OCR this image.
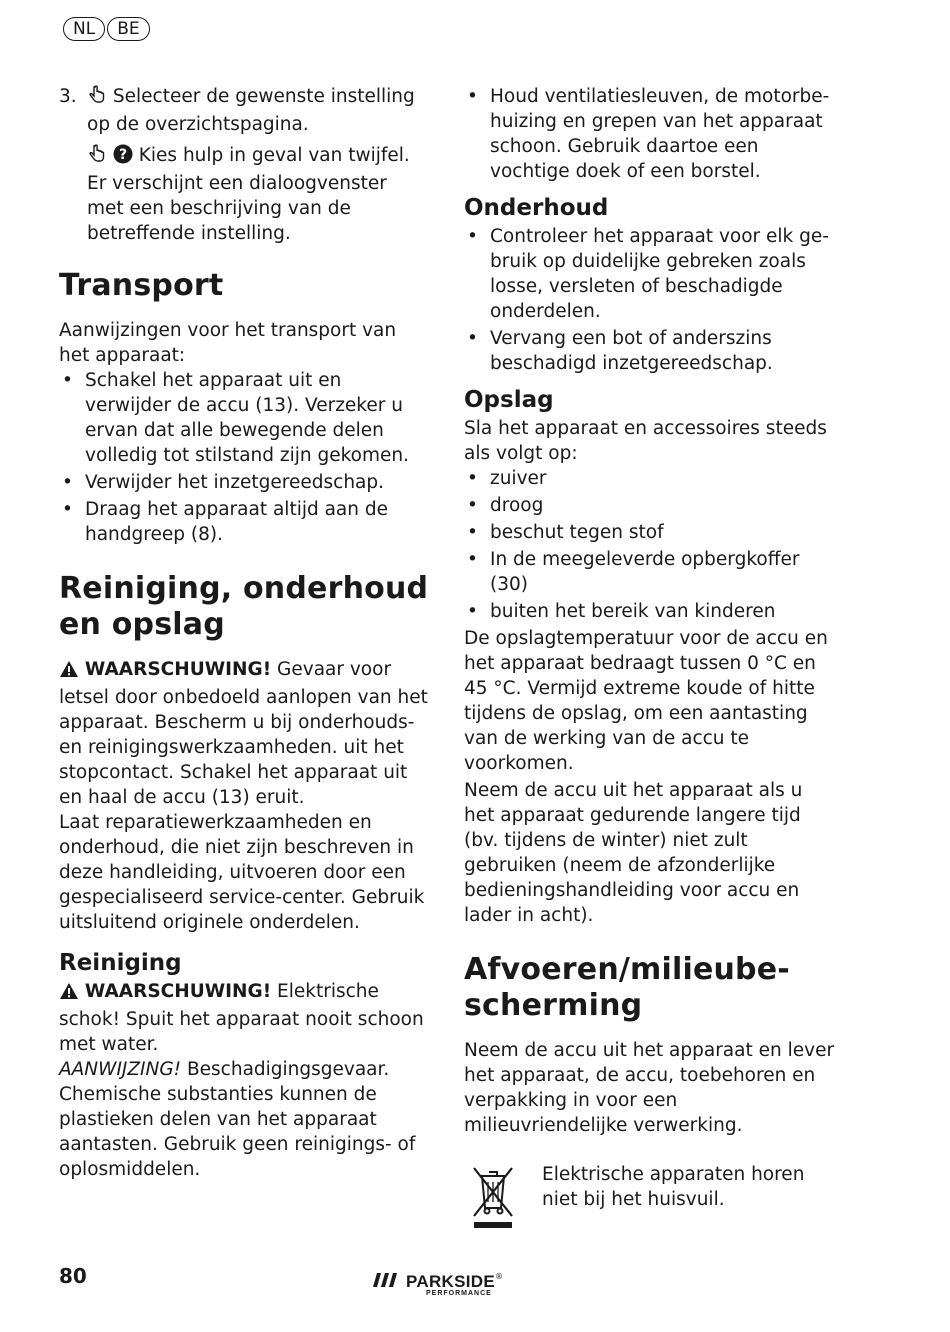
NL	BE
3.	Selecteer de gewenste instelling op de overzichtspagina.

? Kies hulp in geval van twijfel.

Er verschijnt een dialoogvenster met een beschrijving van de betreffende instelling.

Transport

Aanwijzingen voor het transport van het apparaat:

• Schakel het apparaat uit en verwijder de accu (13). Verzeker u ervan dat alle bewegende delen volledig tot stilstand zijn gekomen.
• Verwijder het inzetgereedschap.
• Draag het apparaat altijd aan de handgreep (8).
Reiniging, onderhoud en opslag

WAARSCHUWING! Gevaar voor letsel door onbedoeld aanlopen van het apparaat. Bescherm u bij onderhouds- en reinigingswerkzaamheden. uit het stopcontact. Schakel het apparaat uit en haal de accu (13) eruit.

Laat reparatiewerkzaamheden en onderhoud, die niet zijn beschreven in deze handleiding, uitvoeren door een gespecialiseerd service-center. Gebruik uitsluitend originele onderdelen.

Reiniging

WAARSCHUWING! Elektrische schok! Spuit het apparaat nooit schoon met water.

AANWIJZING! Beschadigingsgevaar. Chemische substanties kunnen de plastieken delen van het apparaat aantasten. Gebruik geen reinigings- of oplosmiddelen.

• Houd ventilatiesleuven, de motorbehuizing en grepen van het apparaat schoon. Gebruik daartoe een vochtige doek of een borstel.
Onderhoud
• Controleer het apparaat voor elk gebruik op duidelijke gebreken zoals losse, versleten of beschadigde onderdelen.
• Vervang een bot of anderszins beschadigd inzetgereedschap.
Opslag

Sla het apparaat en accessoires steeds als volgt op:

• zuiver
• droog
• beschut tegen stof
• In de meegeleverde opbergkoffer (30)
• buiten het bereik van kinderen

De opslagtemperatuur voor de accu en het apparaat bedraagt tussen 0 °C en 45 °C. Vermijd extreme koude of hitte tijdens de opslag, om een aantasting van de werking van de accu te voorkomen.

Neem de accu uit het apparaat als u het apparaat gedurende langere tijd (bv. tijdens de winter) niet zult gebruiken (neem de afzonderlijke bedieningshandleiding voor accu en lader in acht).

Afvoeren/milieubescherming

Neem de accu uit het apparaat en lever het apparaat, de accu, toebehoren en verpakking in voor een milieuvriendelijke verwerking.

Elektrische apparaten horen niet bij het huisvuil.

80	PARKSIDE ®
PERFORMANCE
